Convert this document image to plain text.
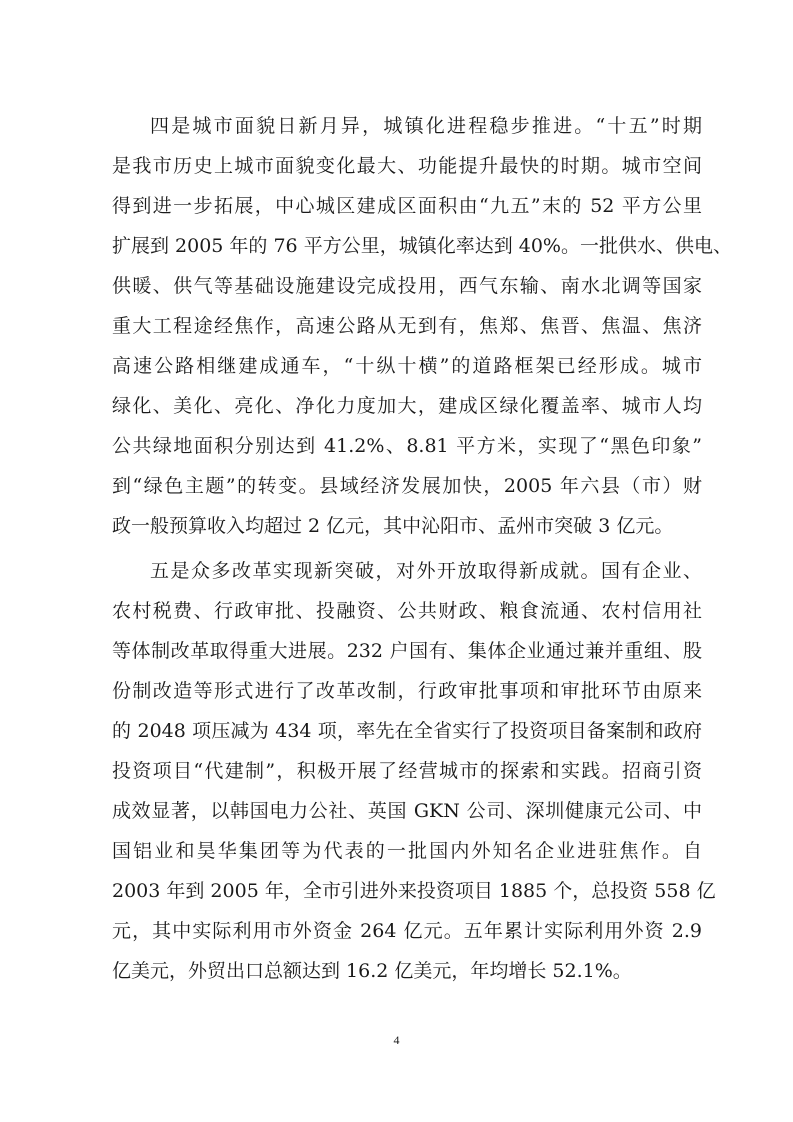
四是城市面貌日新月异，城镇化进程稳步推进。“十五”时期
是我市历史上城市面貌变化最大、功能提升最快的时期。城市空间
得到进一步拓展，中心城区建成区面积由“九五”末的 52 平方公里
扩展到 2005 年的 76 平方公里，城镇化率达到 40%。一批供水、供电、
供暖、供气等基础设施建设完成投用，西气东输、南水北调等国家
重大工程途经焦作，高速公路从无到有，焦郑、焦晋、焦温、焦济
高速公路相继建成通车，“十纵十横”的道路框架已经形成。城市
绿化、美化、亮化、净化力度加大，建成区绿化覆盖率、城市人均
公共绿地面积分别达到 41.2%、8.81 平方米，实现了“黑色印象”
到“绿色主题”的转变。县域经济发展加快，2005 年六县（市）财
政一般预算收入均超过 2 亿元，其中沁阳市、孟州市突破 3 亿元。
五是众多改革实现新突破，对外开放取得新成就。国有企业、
农村税费、行政审批、投融资、公共财政、粮食流通、农村信用社
等体制改革取得重大进展。232 户国有、集体企业通过兼并重组、股
份制改造等形式进行了改革改制，行政审批事项和审批环节由原来
的 2048 项压减为 434 项，率先在全省实行了投资项目备案制和政府
投资项目“代建制”，积极开展了经营城市的探索和实践。招商引资
成效显著，以韩国电力公社、英国 GKN 公司、深圳健康元公司、中
国铝业和昊华集团等为代表的一批国内外知名企业进驻焦作。自
2003 年到 2005 年，全市引进外来投资项目 1885 个，总投资 558 亿
元，其中实际利用市外资金 264 亿元。五年累计实际利用外资 2.9
亿美元，外贸出口总额达到 16.2 亿美元，年均增长 52.1%。
4
